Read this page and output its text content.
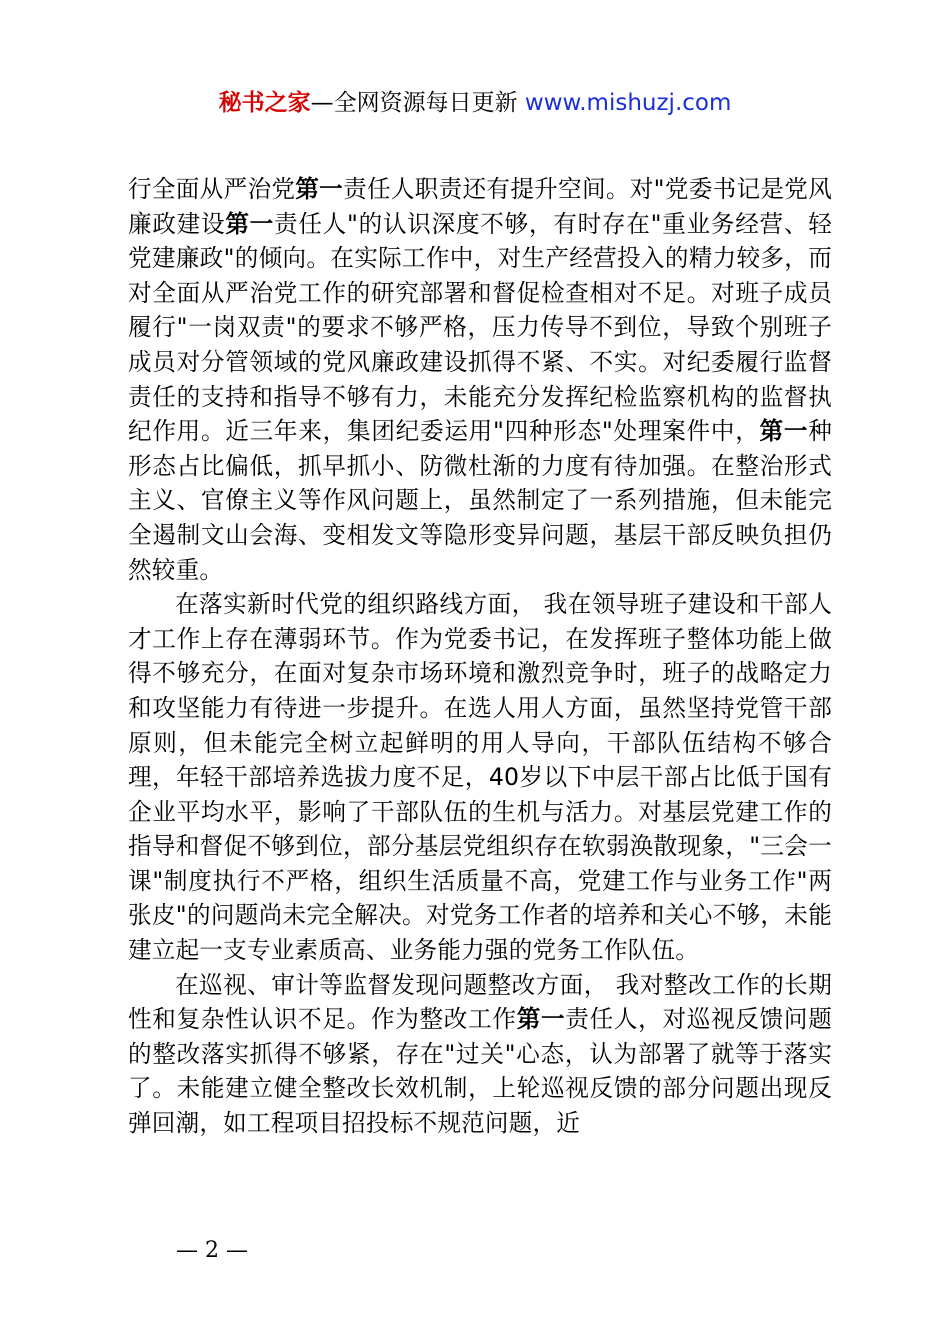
秘书之家—全网资源每日更新 www.mishuzj.com

行全面从严治党第一责任人职责还有提升空间。对"党委书记是党风廉政建设第一责任人"的认识深度不够，有时存在"重业务经营、轻党建廉政"的倾向。在实际工作中，对生产经营投入的精力较多，而对全面从严治党工作的研究部署和督促检查相对不足。对班子成员履行"一岗双责"的要求不够严格，压力传导不到位，导致个别班子成员对分管领域的党风廉政建设抓得不紧、不实。对纪委履行监督责任的支持和指导不够有力，未能充分发挥纪检监察机构的监督执纪作用。近三年来，集团纪委运用"四种形态"处理案件中，第一种形态占比偏低，抓早抓小、防微杜渐的力度有待加强。在整治形式主义、官僚主义等作风问题上，虽然制定了一系列措施，但未能完全遏制文山会海、变相发文等隐形变异问题，基层干部反映负担仍然较重。

在落实新时代党的组织路线方面， 我在领导班子建设和干部人才工作上存在薄弱环节。作为党委书记，在发挥班子整体功能上做得不够充分，在面对复杂市场环境和激烈竞争时，班子的战略定力和攻坚能力有待进一步提升。在选人用人方面，虽然坚持党管干部原则，但未能完全树立起鲜明的用人导向，干部队伍结构不够合理，年轻干部培养选拔力度不足，40岁以下中层干部占比低于国有企业平均水平，影响了干部队伍的生机与活力。对基层党建工作的指导和督促不够到位，部分基层党组织存在软弱涣散现象，"三会一课"制度执行不严格，组织生活质量不高，党建工作与业务工作"两张皮"的问题尚未完全解决。对党务工作者的培养和关心不够，未能建立起一支专业素质高、业务能力强的党务工作队伍。

在巡视、审计等监督发现问题整改方面， 我对整改工作的长期性和复杂性认识不足。作为整改工作第一责任人，对巡视反馈问题的整改落实抓得不够紧，存在"过关"心态，认为部署了就等于落实了。未能建立健全整改长效机制，上轮巡视反馈的部分问题出现反弹回潮，如工程项目招投标不规范问题，近

— 2 —
